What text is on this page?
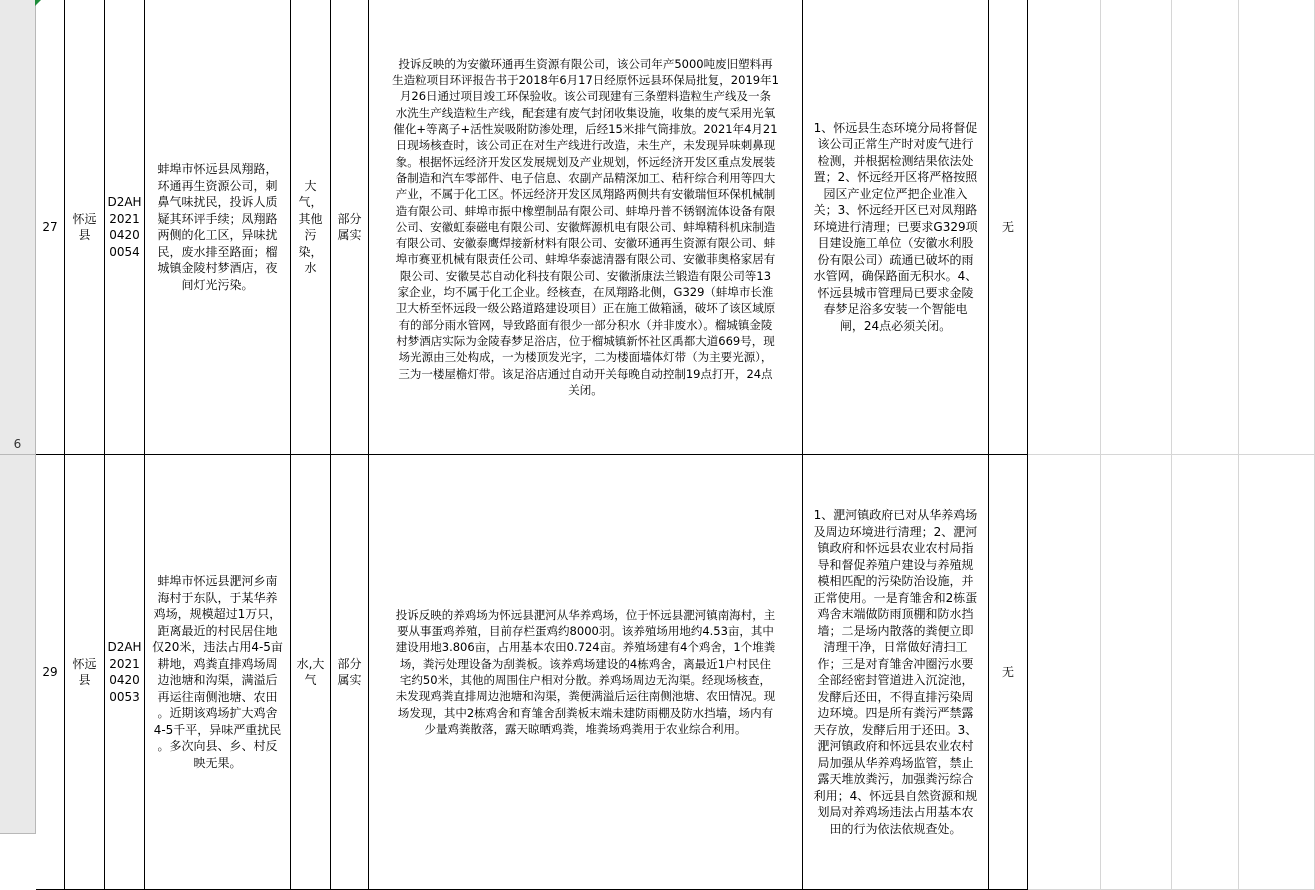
6
27
怀远
县
D2AH
2021
0420
0054
蚌埠市怀远县凤翔路，
环通再生资源公司，刺
鼻气味扰民，投诉人质
疑其环评手续；凤翔路
两侧的化工区，异味扰
民，废水排至路面；榴
城镇金陵村梦酒店，夜
间灯光污染。
大气，
其他
污染，
水
部分
属实
投诉反映的为安徽环通再生资源有限公司，该公司年产5000吨废旧塑料再
生造粒项目环评报告书于2018年6月17日经原怀远县环保局批复，2019年1
月26日通过项目竣工环保验收。该公司现建有三条塑料造粒生产线及一条
水洗生产线造粒生产线，配套建有废气封闭收集设施，收集的废气采用光氧
催化+等离子+活性炭吸附防渗处理，后经15米排气筒排放。2021年4月21
日现场核查时，该公司正在对生产线进行改造，未生产，未发现异味刺鼻现
象。根据怀远经济开发区发展规划及产业规划，怀远经济开发区重点发展装
备制造和汽车零部件、电子信息、农副产品精深加工、秸秆综合利用等四大
产业，不属于化工区。怀远经济开发区凤翔路两侧共有安徽瑞恒环保机械制
造有限公司、蚌埠市振中橡塑制品有限公司、蚌埠丹普不锈钢流体设备有限
公司、安徽虹泰磁电有限公司、安徽辉源机电有限公司、蚌埠精科机床制造
有限公司、安徽泰鹰焊接新材料有限公司、安徽环通再生资源有限公司、蚌
埠市赛亚机械有限责任公司、蚌埠华泰滤清器有限公司、安徽菲奥格家居有
限公司、安徽昊芯自动化科技有限公司、安徽浙康法兰锻造有限公司等13
家企业，均不属于化工企业。经核查，在凤翔路北侧，G329（蚌埠市长淮
卫大桥至怀远段一级公路道路建设项目）正在施工做箱涵，破坏了该区域原
有的部分雨水管网，导致路面有很少一部分积水（并非废水）。榴城镇金陵
村梦酒店实际为金陵春梦足浴店，位于榴城镇新怀社区禹都大道669号，现
场光源由三处构成，一为楼顶发光字，二为楼面墙体灯带（为主要光源），
三为一楼屋檐灯带。该足浴店通过自动开关每晚自动控制19点打开，24点
关闭。
1、怀远县生态环境分局将督促
该公司正常生产时对废气进行
检测，并根据检测结果依法处
置；2、怀远经开区将严格按照
园区产业定位严把企业准入
关；3、怀远经开区已对凤翔路
环境进行清理；已要求G329项
目建设施工单位（安徽水利股
份有限公司）疏通已破坏的雨
水管网，确保路面无积水。4、
怀远县城市管理局已要求金陵
春梦足浴多安装一个智能电
闸，24点必须关闭。
无
29
怀远
县
D2AH
2021
0420
0053
蚌埠市怀远县淝河乡南
海村于东队，于某华养
鸡场，规模超过1万只，
距离最近的村民居住地
仅20米，违法占用4-5亩
耕地，鸡粪直排鸡场周
边池塘和沟渠，满溢后
再运往南侧池塘、农田
。近期该鸡场扩大鸡舍
4-5千平，异味严重扰民
。多次向县、乡、村反
映无果。
水,大
气
部分
属实
投诉反映的养鸡场为怀远县淝河从华养鸡场，位于怀远县淝河镇南海村，主
要从事蛋鸡养殖，目前存栏蛋鸡约8000羽。该养殖场用地约4.53亩，其中
建设用地3.806亩，占用基本农田0.724亩。养殖场建有4个鸡舍，1个堆粪
场，粪污处理设备为刮粪板。该养鸡场建设的4栋鸡舍，离最近1户村民住
宅约50米，其他的周围住户相对分散。养鸡场周边无沟渠。经现场核查，
未发现鸡粪直排周边池塘和沟渠，粪便满溢后运往南侧池塘、农田情况。现
场发现，其中2栋鸡舍和育雏舍刮粪板末端未建防雨棚及防水挡墙，场内有
少量鸡粪散落，露天晾晒鸡粪，堆粪场鸡粪用于农业综合利用。
1、淝河镇政府已对从华养鸡场
及周边环境进行清理；2、淝河
镇政府和怀远县农业农村局指
导和督促养殖户建设与养殖规
模相匹配的污染防治设施，并
正常使用。一是育雏舍和2栋蛋
鸡舍末端做防雨顶棚和防水挡
墙；二是场内散落的粪便立即
清理干净，日常做好清扫工
作；三是对育雏舍冲圈污水要
全部经密封管道进入沉淀池，
发酵后还田，不得直排污染周
边环境。四是所有粪污严禁露
天存放，发酵后用于还田。3、
淝河镇政府和怀远县农业农村
局加强从华养鸡场监管，禁止
露天堆放粪污，加强粪污综合
利用；4、怀远县自然资源和规
划局对养鸡场违法占用基本农
田的行为依法依规查处。
无
